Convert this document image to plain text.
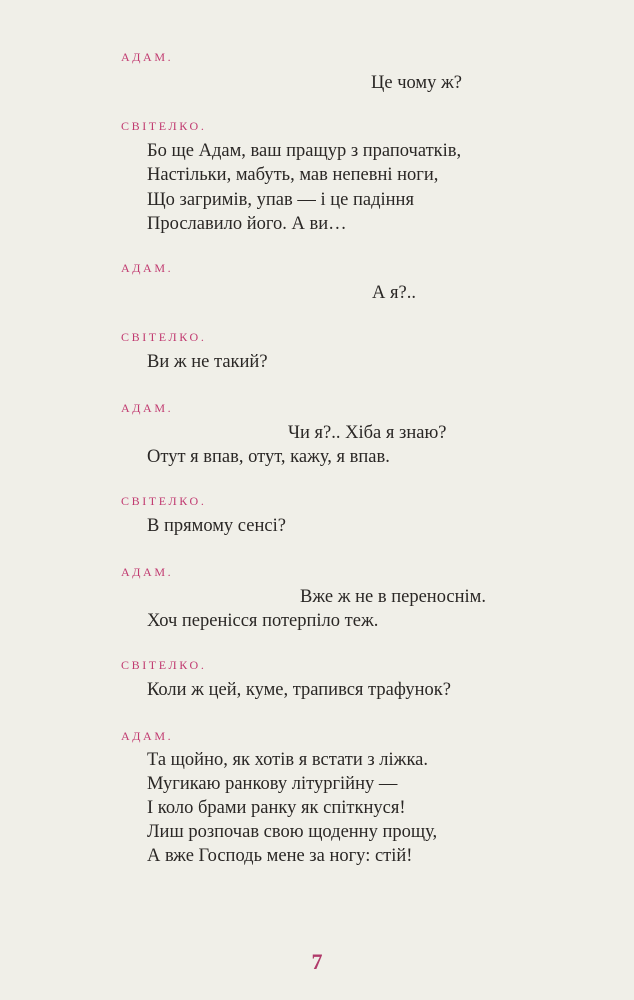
АДАМ.
Це чому ж?
СВІТЕЛКО.
Бо ще Адам, ваш пращур з прапочатків,
Настільки, мабуть, мав непевні ноги,
Що загримів, упав — і це падіння
Прославило його. А ви…
АДАМ.
А я?..
СВІТЕЛКО.
Ви ж не такий?
АДАМ.
Чи я?.. Хіба я знаю?
Отут я впав, отут, кажу, я впав.
СВІТЕЛКО.
В прямому сенсі?
АДАМ.
Вже ж не в переноснім.
Хоч перенісся потерпіло теж.
СВІТЕЛКО.
Коли ж цей, куме, трапився трафунок?
АДАМ.
Та щойно, як хотів я встати з ліжка.
Мугикаю ранкову літургійну —
І коло брами ранку як спіткнуся!
Лиш розпочав свою щоденну прощу,
А вже Господь мене за ногу: стій!
7
